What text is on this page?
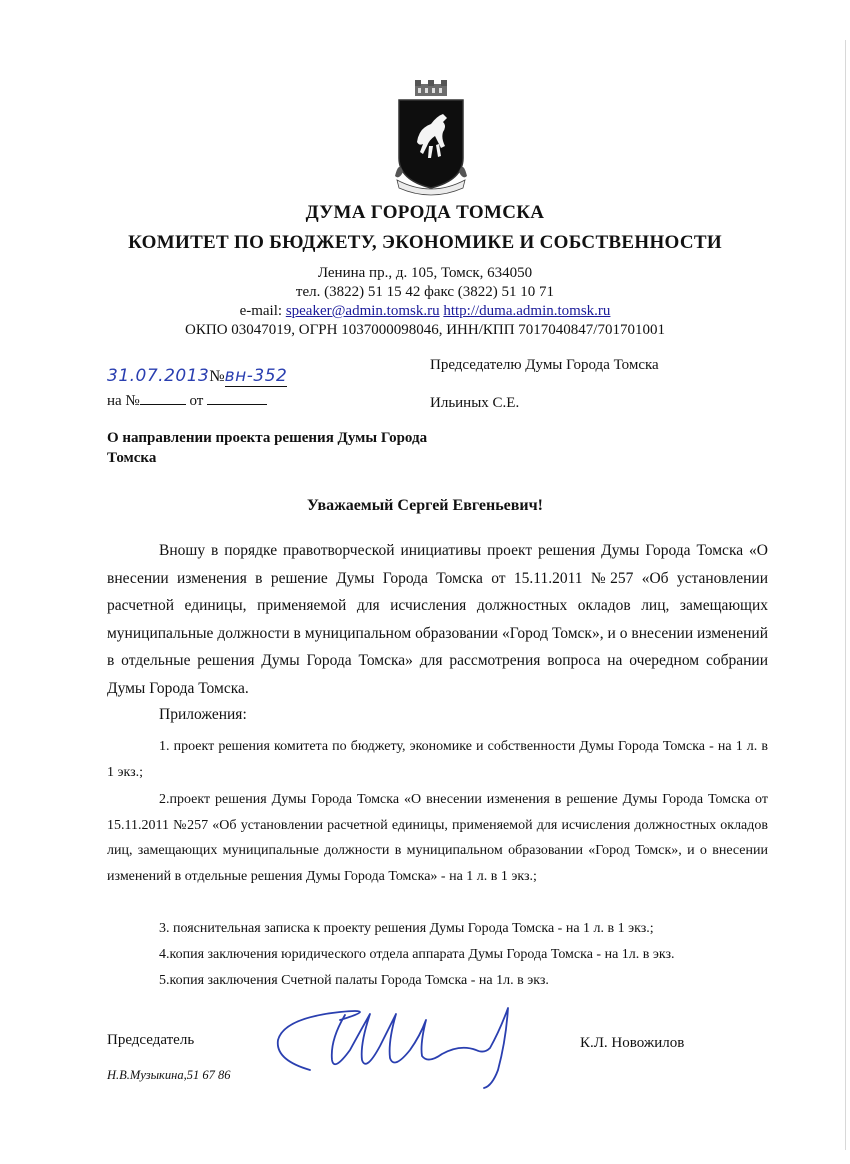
ДУМА ГОРОДА ТОМСКА
КОМИТЕТ ПО БЮДЖЕТУ, ЭКОНОМИКЕ И СОБСТВЕННОСТИ
Ленина пр., д. 105, Томск, 634050
тел. (3822) 51 15 42 факс (3822) 51 10 71
e-mail: speaker@admin.tomsk.ru http://duma.admin.tomsk.ru
ОКПО 03047019, ОГРН 1037000098046, ИНН/КПП 7017040847/701701001
31.07.2013№вн-352
на №	от
Председателю Думы Города Томска
Ильиных С.Е.
О направлении проекта решения Думы Города Томска
Уважаемый Сергей Евгеньевич!

Вношу в порядке правотворческой инициативы проект решения Думы Города Томска «О внесении изменения в решение Думы Города Томска от 15.11.2011 №257 «Об установлении расчетной единицы, применяемой для исчисления должностных окладов лиц, замещающих муниципальные должности в муниципальном образовании «Город Томск», и о внесении изменений в отдельные решения Думы Города Томска» для рассмотрения вопроса на очередном собрании Думы Города Томска.

Приложения:

1. проект решения комитета по бюджету, экономике и собственности Думы Города Томска - на 1 л. в 1 экз.;

2.проект решения Думы Города Томска «О внесении изменения в решение Думы Города Томска от 15.11.2011 №257 «Об установлении расчетной единицы, применяемой для исчисления должностных окладов лиц, замещающих муниципальные должности в муниципальном образовании «Город Томск», и о внесении изменений в отдельные решения Думы Города Томска» - на 1 л. в 1 экз.;

3. пояснительная записка к проекту решения Думы Города Томска - на 1 л. в 1 экз.;

4.копия заключения юридического отдела аппарата Думы Города Томска - на 1л. в экз.

5.копия заключения Счетной палаты Города Томска - на 1л. в экз.

Председатель	К.Л. Новожилов
Н.В.Музыкина,51 67 86
